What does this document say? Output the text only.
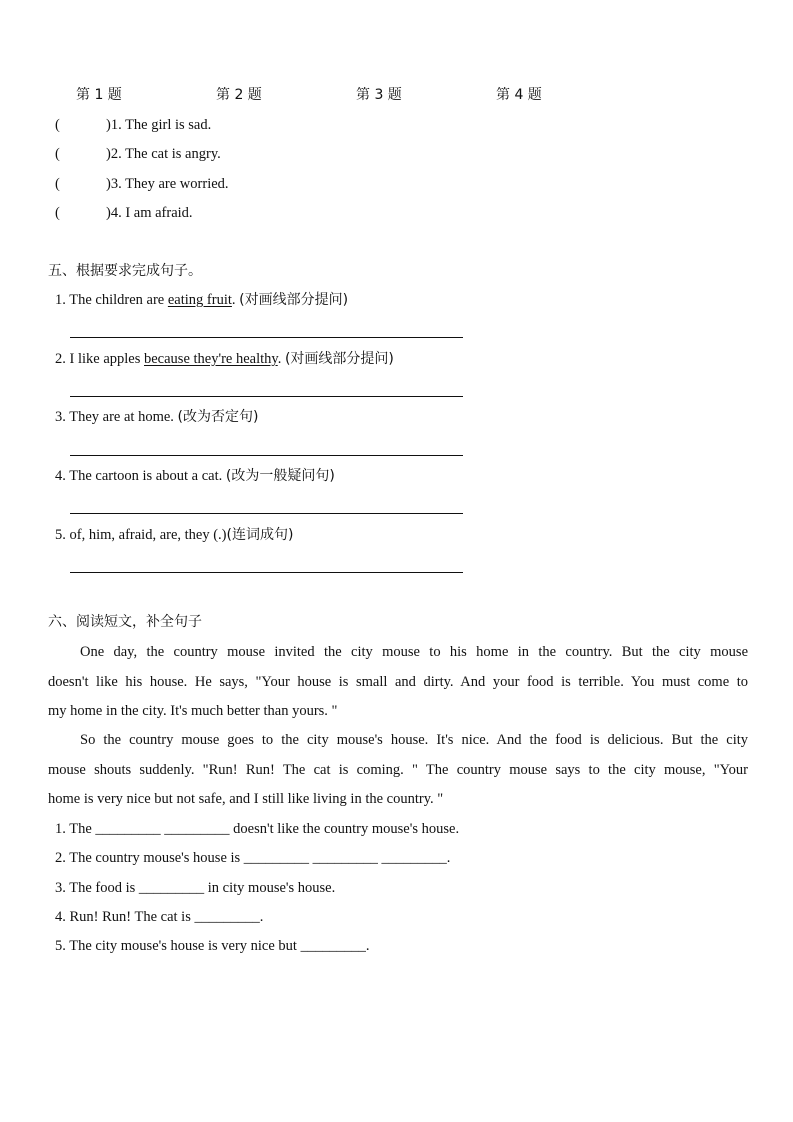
第 1 题	第 2 题	第 3 题	第 4 题
(	)1. The girl is sad.
(	)2. The cat is angry.
(	)3. They are worried.
(	)4. I am afraid.
五、根据要求完成句子。
1. The children are eating fruit. (对画线部分提问)
2. I like apples because they're healthy. (对画线部分提问)
3. They are at home. (改为否定句)
4. The cartoon is about a cat. (改为一般疑问句)
5. of, him, afraid, are, they (.)(连词成句)
六、阅读短文，补全句子
One day, the country mouse invited the city mouse to his home in the country. But the city mouse
doesn't like his house. He says, "Your house is small and dirty. And your food is terrible. You must come to
my home in the city. It's much better than yours. "
So the country mouse goes to the city mouse's house. It's nice. And the food is delicious. But the city
mouse shouts suddenly. "Run! Run! The cat is coming. " The country mouse says to the city mouse, "Your
home is very nice but not safe, and I still like living in the country. "
1. The _________ _________ doesn't like the country mouse's house.
2. The country mouse's house is _________ _________ _________.
3. The food is _________ in city mouse's house.
4. Run! Run! The cat is _________.
5. The city mouse's house is very nice but _________.
